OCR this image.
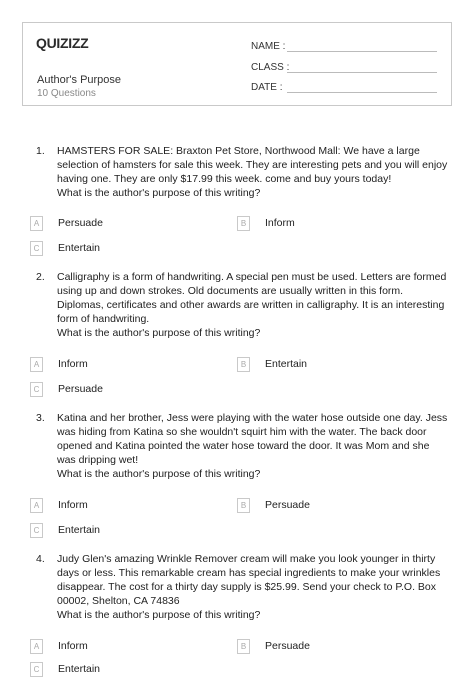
QUIZIZZ
Author's Purpose
10 Questions
NAME :
CLASS :
DATE :
1. HAMSTERS FOR SALE: Braxton Pet Store, Northwood Mall: We have a large selection of hamsters for sale this week. They are interesting pets and you will enjoy having one. They are only $17.99 this week. come and buy yours today!
What is the author's purpose of this writing?
A	Persuade	B	Inform
C	Entertain
2. Calligraphy is a form of handwriting. A special pen must be used. Letters are formed using up and down strokes. Old documents are usually written in this form. Diplomas, certificates and other awards are written in calligraphy. It is an interesting form of handwriting.
What is the author's purpose of this writing?
A	Inform	B	Entertain
C	Persuade
3. Katina and her brother, Jess were playing with the water hose outside one day. Jess was hiding from Katina so she wouldn't squirt him with the water. The back door opened and Katina pointed the water hose toward the door. It was Mom and she was dripping wet!
What is the author's purpose of this writing?
A	Inform	B	Persuade
C	Entertain
4. Judy Glen's amazing Wrinkle Remover cream will make you look younger in thirty days or less. This remarkable cream has special ingredients to make your wrinkles disappear. The cost for a thirty day supply is $25.99. Send your check to P.O. Box 00002, Shelton, CA 74836
What is the author's purpose of this writing?
A	Inform	B	Persuade
C	Entertain
